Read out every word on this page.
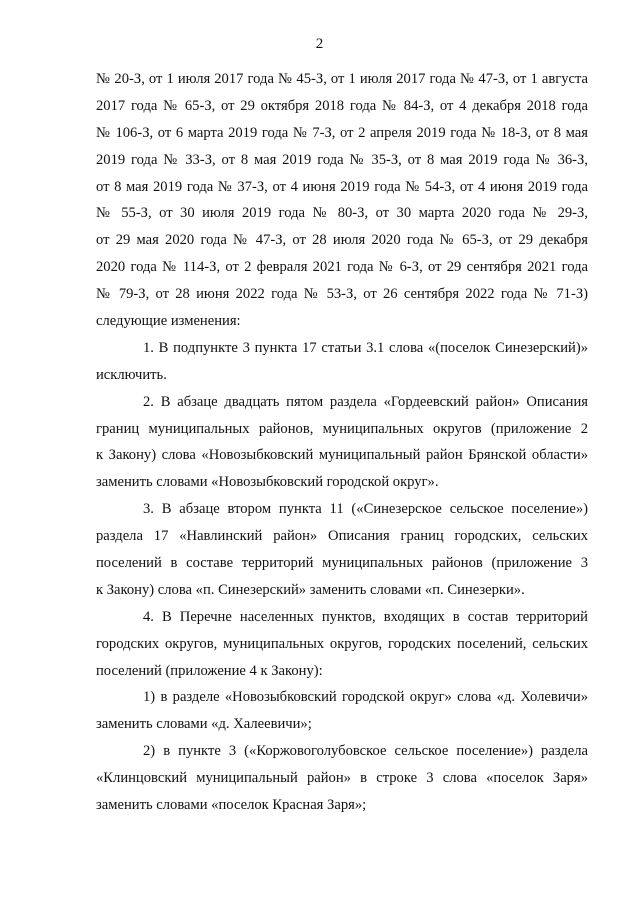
2
№ 20-З, от 1 июля 2017 года № 45-З, от 1 июля 2017 года № 47-З, от 1 августа
2017 года № 65-З, от 29 октября 2018 года № 84-З, от 4 декабря 2018 года
№ 106-З, от 6 марта 2019 года № 7-З, от 2 апреля 2019 года № 18-З, от 8 мая
2019 года № 33-З, от 8 мая 2019 года № 35-З, от 8 мая 2019 года № 36-З,
от 8 мая 2019 года № 37-З, от 4 июня 2019 года № 54-З, от 4 июня 2019 года
№ 55-З, от 30 июля 2019 года № 80-З, от 30 марта 2020 года № 29-З,
от 29 мая 2020 года № 47-З, от 28 июля 2020 года № 65-З, от 29 декабря
2020 года № 114-З, от 2 февраля 2021 года № 6-З, от 29 сентября 2021 года
№ 79-З, от 28 июня 2022 года № 53-З, от 26 сентября 2022 года № 71-З)
следующие изменения:
1. В подпункте 3 пункта 17 статьи 3.1 слова «(поселок Синезерский)»
исключить.
2. В абзаце двадцать пятом раздела «Гордеевский район» Описания
границ муниципальных районов, муниципальных округов (приложение 2
к Закону) слова «Новозыбковский муниципальный район Брянской области»
заменить словами «Новозыбковский городской округ».
3. В абзаце втором пункта 11 («Синезерское сельское поселение»)
раздела 17 «Навлинский район» Описания границ городских, сельских
поселений в составе территорий муниципальных районов (приложение 3
к Закону) слова «п. Синезерский» заменить словами «п. Синезерки».
4. В Перечне населенных пунктов, входящих в состав территорий
городских округов, муниципальных округов, городских поселений, сельских
поселений (приложение 4 к Закону):
1) в разделе «Новозыбковский городской округ» слова «д. Холевичи»
заменить словами «д. Халеевичи»;
2) в пункте 3 («Коржовоголубовское сельское поселение») раздела
«Клинцовский муниципальный район» в строке 3 слова «поселок Заря»
заменить словами «поселок Красная Заря»;
